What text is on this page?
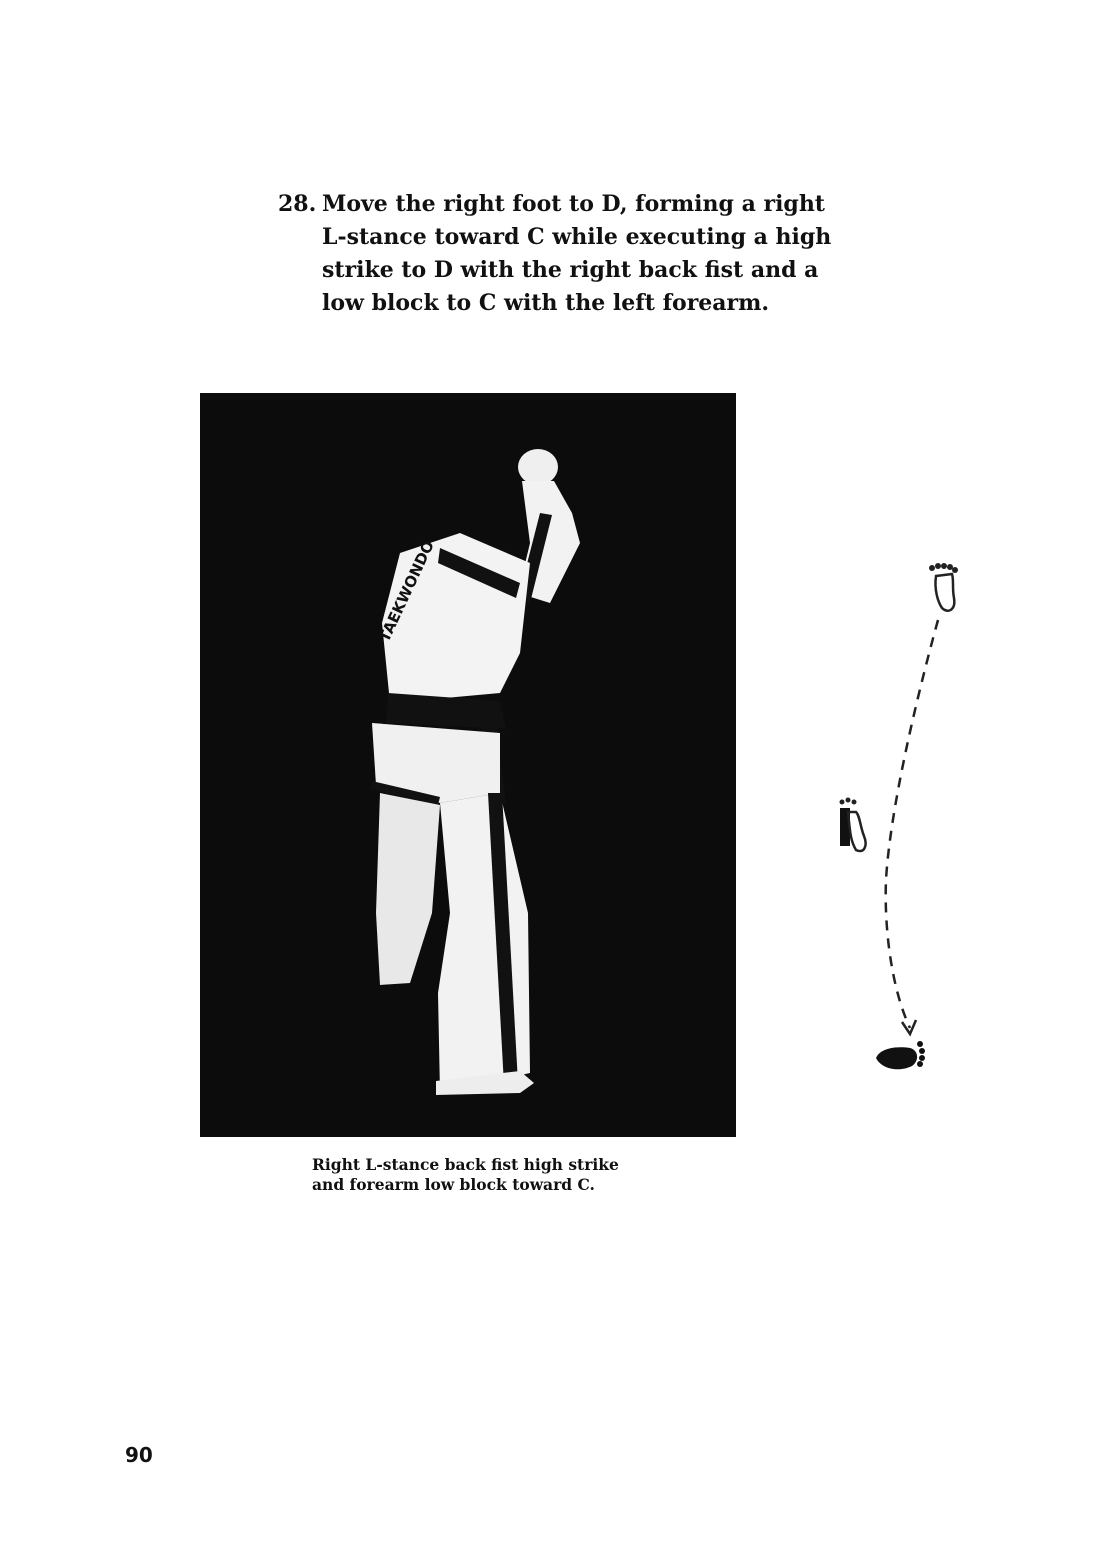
28. Move the right foot to D, forming a right L-stance toward C while executing a high strike to D with the right back fist and a low block to C with the left forearm.

TAEKWONDO

Right L-stance back fist high strike
and forearm low block toward C.

90
